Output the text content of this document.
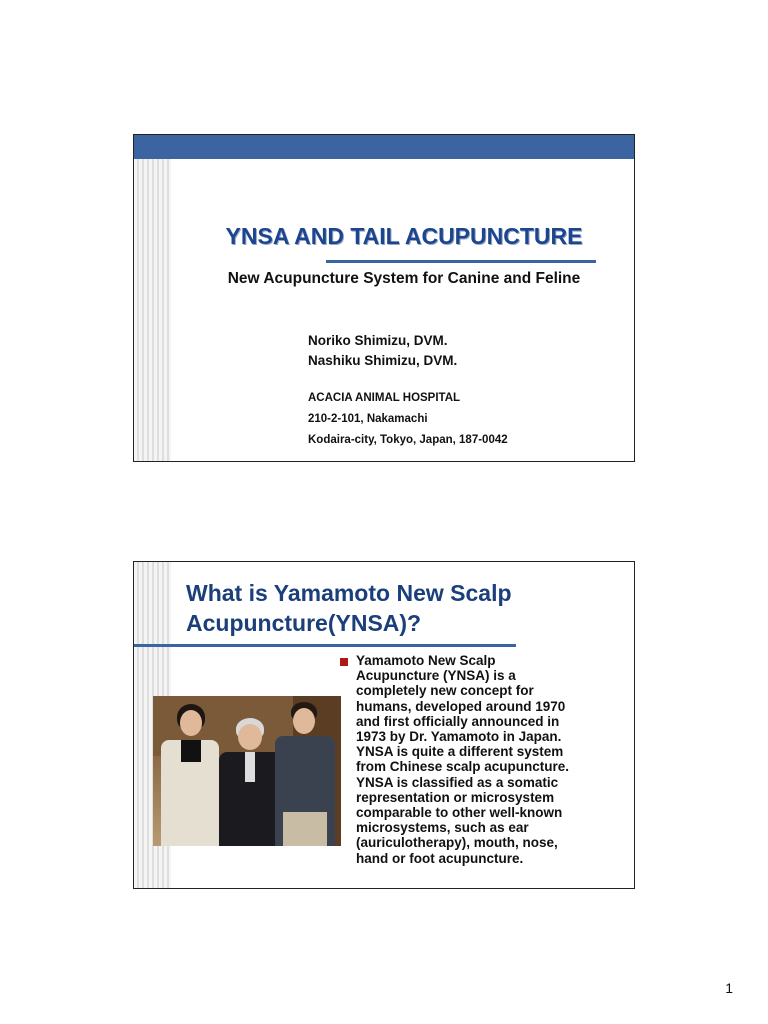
YNSA AND TAIL ACUPUNCTURE
New Acupuncture System for Canine and Feline
Noriko Shimizu, DVM.
Nashiku Shimizu, DVM.
ACACIA ANIMAL HOSPITAL
210-2-101, Nakamachi
Kodaira-city, Tokyo, Japan, 187-0042
What is Yamamoto New Scalp
Acupuncture(YNSA)?
Yamamoto New Scalp
Acupuncture (YNSA) is a
completely new concept for
humans, developed around 1970
and first officially announced in
1973 by Dr. Yamamoto in Japan.
YNSA is quite a different system
from Chinese scalp acupuncture.
YNSA is classified as a somatic
representation or microsystem
comparable to other well-known
microsystems, such as ear
(auriculotherapy), mouth, nose,
hand or foot acupuncture.
1
